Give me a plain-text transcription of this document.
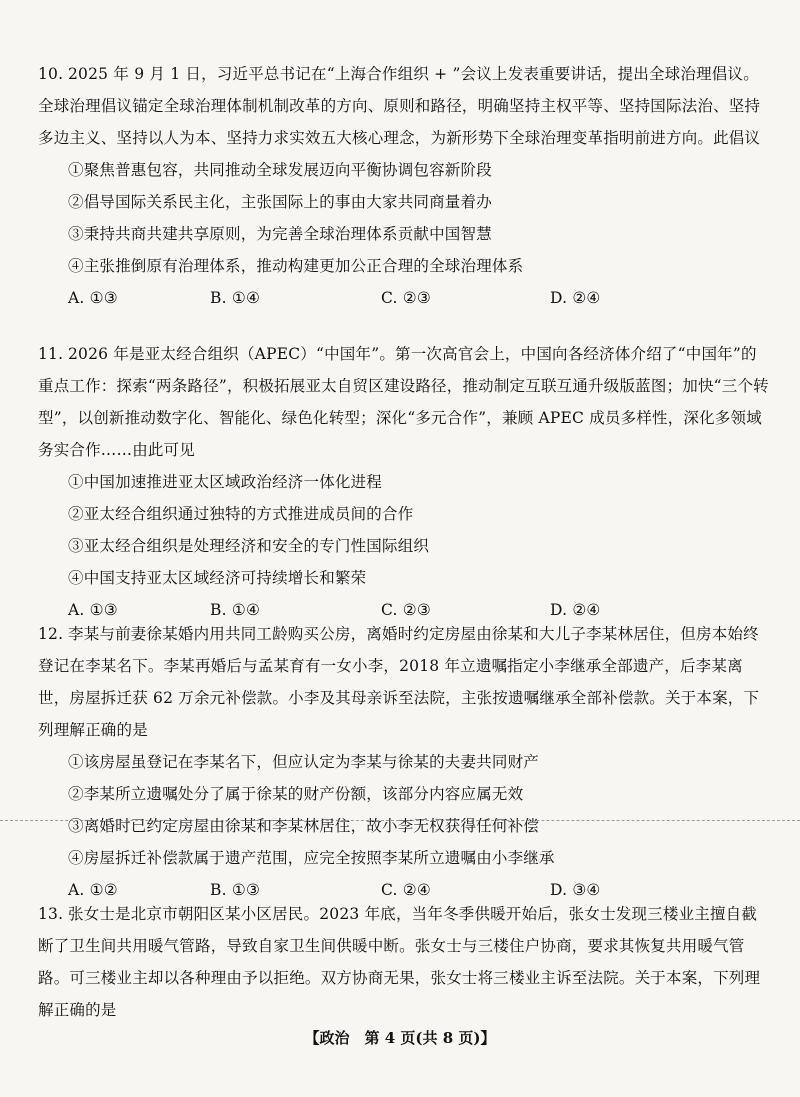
10. 2025 年 9 月 1 日，习近平总书记在“上海合作组织 + ”会议上发表重要讲话，提出全球治理倡议。全球治理倡议锚定全球治理体制机制改革的方向、原则和路径，明确坚持主权平等、坚持国际法治、坚持多边主义、坚持以人为本、坚持力求实效五大核心理念，为新形势下全球治理变革指明前进方向。此倡议
①聚焦普惠包容，共同推动全球发展迈向平衡协调包容新阶段
②倡导国际关系民主化，主张国际上的事由大家共同商量着办
③秉持共商共建共享原则，为完善全球治理体系贡献中国智慧
④主张推倒原有治理体系，推动构建更加公正合理的全球治理体系
A. ①③	B. ①④	C. ②③	D. ②④
11. 2026 年是亚太经合组织（APEC）“中国年”。第一次高官会上，中国向各经济体介绍了“中国年”的重点工作：探索“两条路径”，积极拓展亚太自贸区建设路径，推动制定互联互通升级版蓝图；加快“三个转型”，以创新推动数字化、智能化、绿色化转型；深化“多元合作”，兼顾 APEC 成员多样性，深化多领域务实合作……由此可见
①中国加速推进亚太区域政治经济一体化进程
②亚太经合组织通过独特的方式推进成员间的合作
③亚太经合组织是处理经济和安全的专门性国际组织
④中国支持亚太区域经济可持续增长和繁荣
A. ①③	B. ①④	C. ②③	D. ②④
12. 李某与前妻徐某婚内用共同工龄购买公房，离婚时约定房屋由徐某和大儿子李某林居住，但房本始终登记在李某名下。李某再婚后与孟某育有一女小李，2018 年立遗嘱指定小李继承全部遗产，后李某离世，房屋拆迁获 62 万余元补偿款。小李及其母亲诉至法院，主张按遗嘱继承全部补偿款。关于本案，下列理解正确的是
①该房屋虽登记在李某名下，但应认定为李某与徐某的夫妻共同财产
②李某所立遗嘱处分了属于徐某的财产份额，该部分内容应属无效
③离婚时已约定房屋由徐某和李某林居住，故小李无权获得任何补偿
④房屋拆迁补偿款属于遗产范围，应完全按照李某所立遗嘱由小李继承
A. ①②	B. ①③	C. ②④	D. ③④
13. 张女士是北京市朝阳区某小区居民。2023 年底，当年冬季供暖开始后，张女士发现三楼业主擅自截断了卫生间共用暖气管路，导致自家卫生间供暖中断。张女士与三楼住户协商，要求其恢复共用暖气管路。可三楼业主却以各种理由予以拒绝。双方协商无果，张女士将三楼业主诉至法院。关于本案，下列理解正确的是
【政治　第 4 页(共 8 页)】
